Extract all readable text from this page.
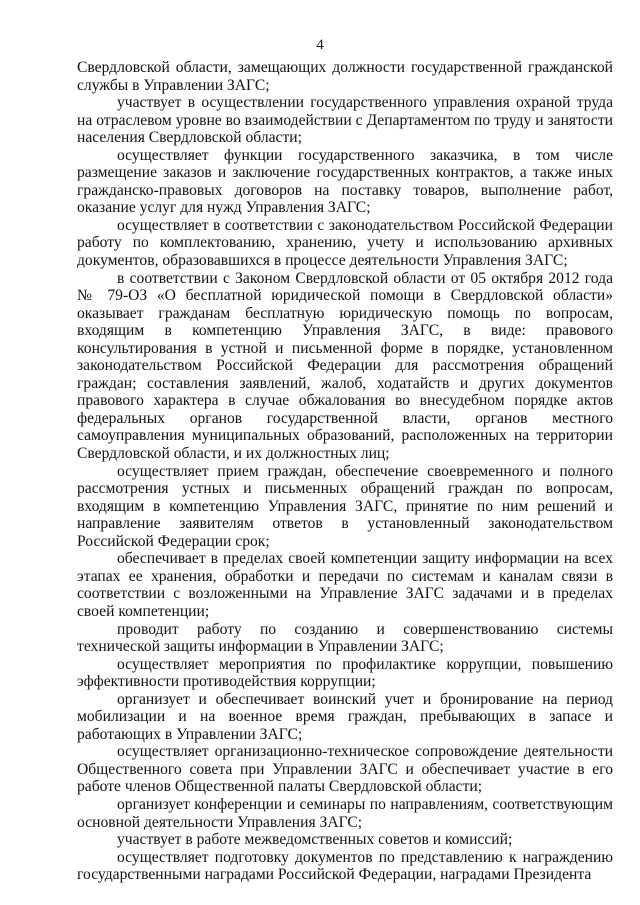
4

Свердловской области, замещающих должности государственной гражданской службы в Управлении ЗАГС;

участвует в осуществлении государственного управления охраной труда на отраслевом уровне во взаимодействии с Департаментом по труду и занятости населения Свердловской области;

осуществляет функции государственного заказчика, в том числе размещение заказов и заключение государственных контрактов, а также иных гражданско-правовых договоров на поставку товаров, выполнение работ, оказание услуг для нужд Управления ЗАГС;

осуществляет в соответствии с законодательством Российской Федерации работу по комплектованию, хранению, учету и использованию архивных документов, образовавшихся в процессе деятельности Управления ЗАГС;

в соответствии с Законом Свердловской области от 05 октября 2012 года № 79-ОЗ «О бесплатной юридической помощи в Свердловской области» оказывает гражданам бесплатную юридическую помощь по вопросам, входящим в компетенцию Управления ЗАГС, в виде: правового консультирования в устной и письменной форме в порядке, установленном законодательством Российской Федерации для рассмотрения обращений граждан; составления заявлений, жалоб, ходатайств и других документов правового характера в случае обжалования во внесудебном порядке актов федеральных органов государственной власти, органов местного самоуправления муниципальных образований, расположенных на территории Свердловской области, и их должностных лиц;

осуществляет прием граждан, обеспечение своевременного и полного рассмотрения устных и письменных обращений граждан по вопросам, входящим в компетенцию Управления ЗАГС, принятие по ним решений и направление заявителям ответов в установленный законодательством Российской Федерации срок;

обеспечивает в пределах своей компетенции защиту информации на всех этапах ее хранения, обработки и передачи по системам и каналам связи в соответствии с возложенными на Управление ЗАГС задачами и в пределах своей компетенции;

проводит работу по созданию и совершенствованию системы технической защиты информации в Управлении ЗАГС;

осуществляет мероприятия по профилактике коррупции, повышению эффективности противодействия коррупции;

организует и обеспечивает воинский учет и бронирование на период мобилизации и на военное время граждан, пребывающих в запасе и работающих в Управлении ЗАГС;

осуществляет организационно-техническое сопровождение деятельности Общественного совета при Управлении ЗАГС и обеспечивает участие в его работе членов Общественной палаты Свердловской области;

организует конференции и семинары по направлениям, соответствующим основной деятельности Управления ЗАГС;

участвует в работе межведомственных советов и комиссий;

осуществляет подготовку документов по представлению к награждению государственными наградами Российской Федерации, наградами Президента
